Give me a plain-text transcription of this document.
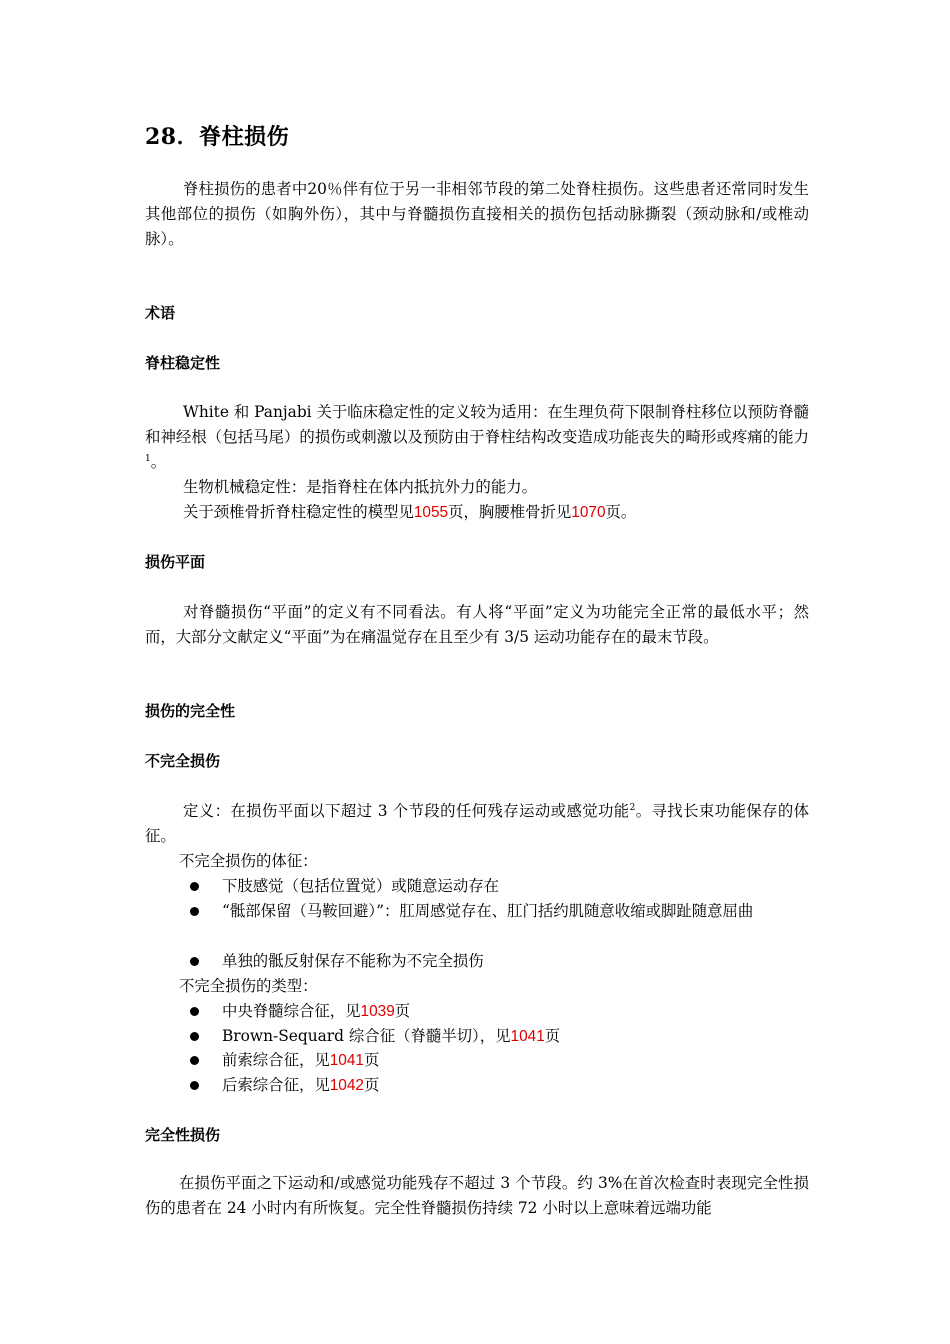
28．脊柱损伤
脊柱损伤的患者中20％伴有位于另一非相邻节段的第二处脊柱损伤。这些患者还常同时发生其他部位的损伤（如胸外伤），其中与脊髓损伤直接相关的损伤包括动脉撕裂（颈动脉和/或椎动脉）。
术语
脊柱稳定性
White 和 Panjabi 关于临床稳定性的定义较为适用：在生理负荷下限制脊柱移位以预防脊髓和神经根（包括马尾）的损伤或刺激以及预防由于脊柱结构改变造成功能丧失的畸形或疼痛的能力$^1$。
生物机械稳定性：是指脊柱在体内抵抗外力的能力。
关于颈椎骨折脊柱稳定性的模型见1055页，胸腰椎骨折见1070页。
损伤平面
对脊髓损伤“平面”的定义有不同看法。有人将“平面”定义为功能完全正常的最低水平；然而，大部分文献定义“平面”为在痛温觉存在且至少有 3/5 运动功能存在的最末节段。
损伤的完全性
不完全损伤
定义：在损伤平面以下超过 3 个节段的任何残存运动或感觉功能$^2$。寻找长束功能保存的体征。
不完全损伤的体征：
下肢感觉（包括位置觉）或随意运动存在
“骶部保留（马鞍回避）”：肛周感觉存在、肛门括约肌随意收缩或脚趾随意屈曲
单独的骶反射保存不能称为不完全损伤
不完全损伤的类型：
中央脊髓综合征，见1039页
Brown-Sequard 综合征（脊髓半切），见1041页
前索综合征，见1041页
后索综合征，见1042页
完全性损伤
在损伤平面之下运动和/或感觉功能残存不超过 3 个节段。约 3%在首次检查时表现完全性损伤的患者在 24 小时内有所恢复。完全性脊髓损伤持续 72 小时以上意味着远端功能
